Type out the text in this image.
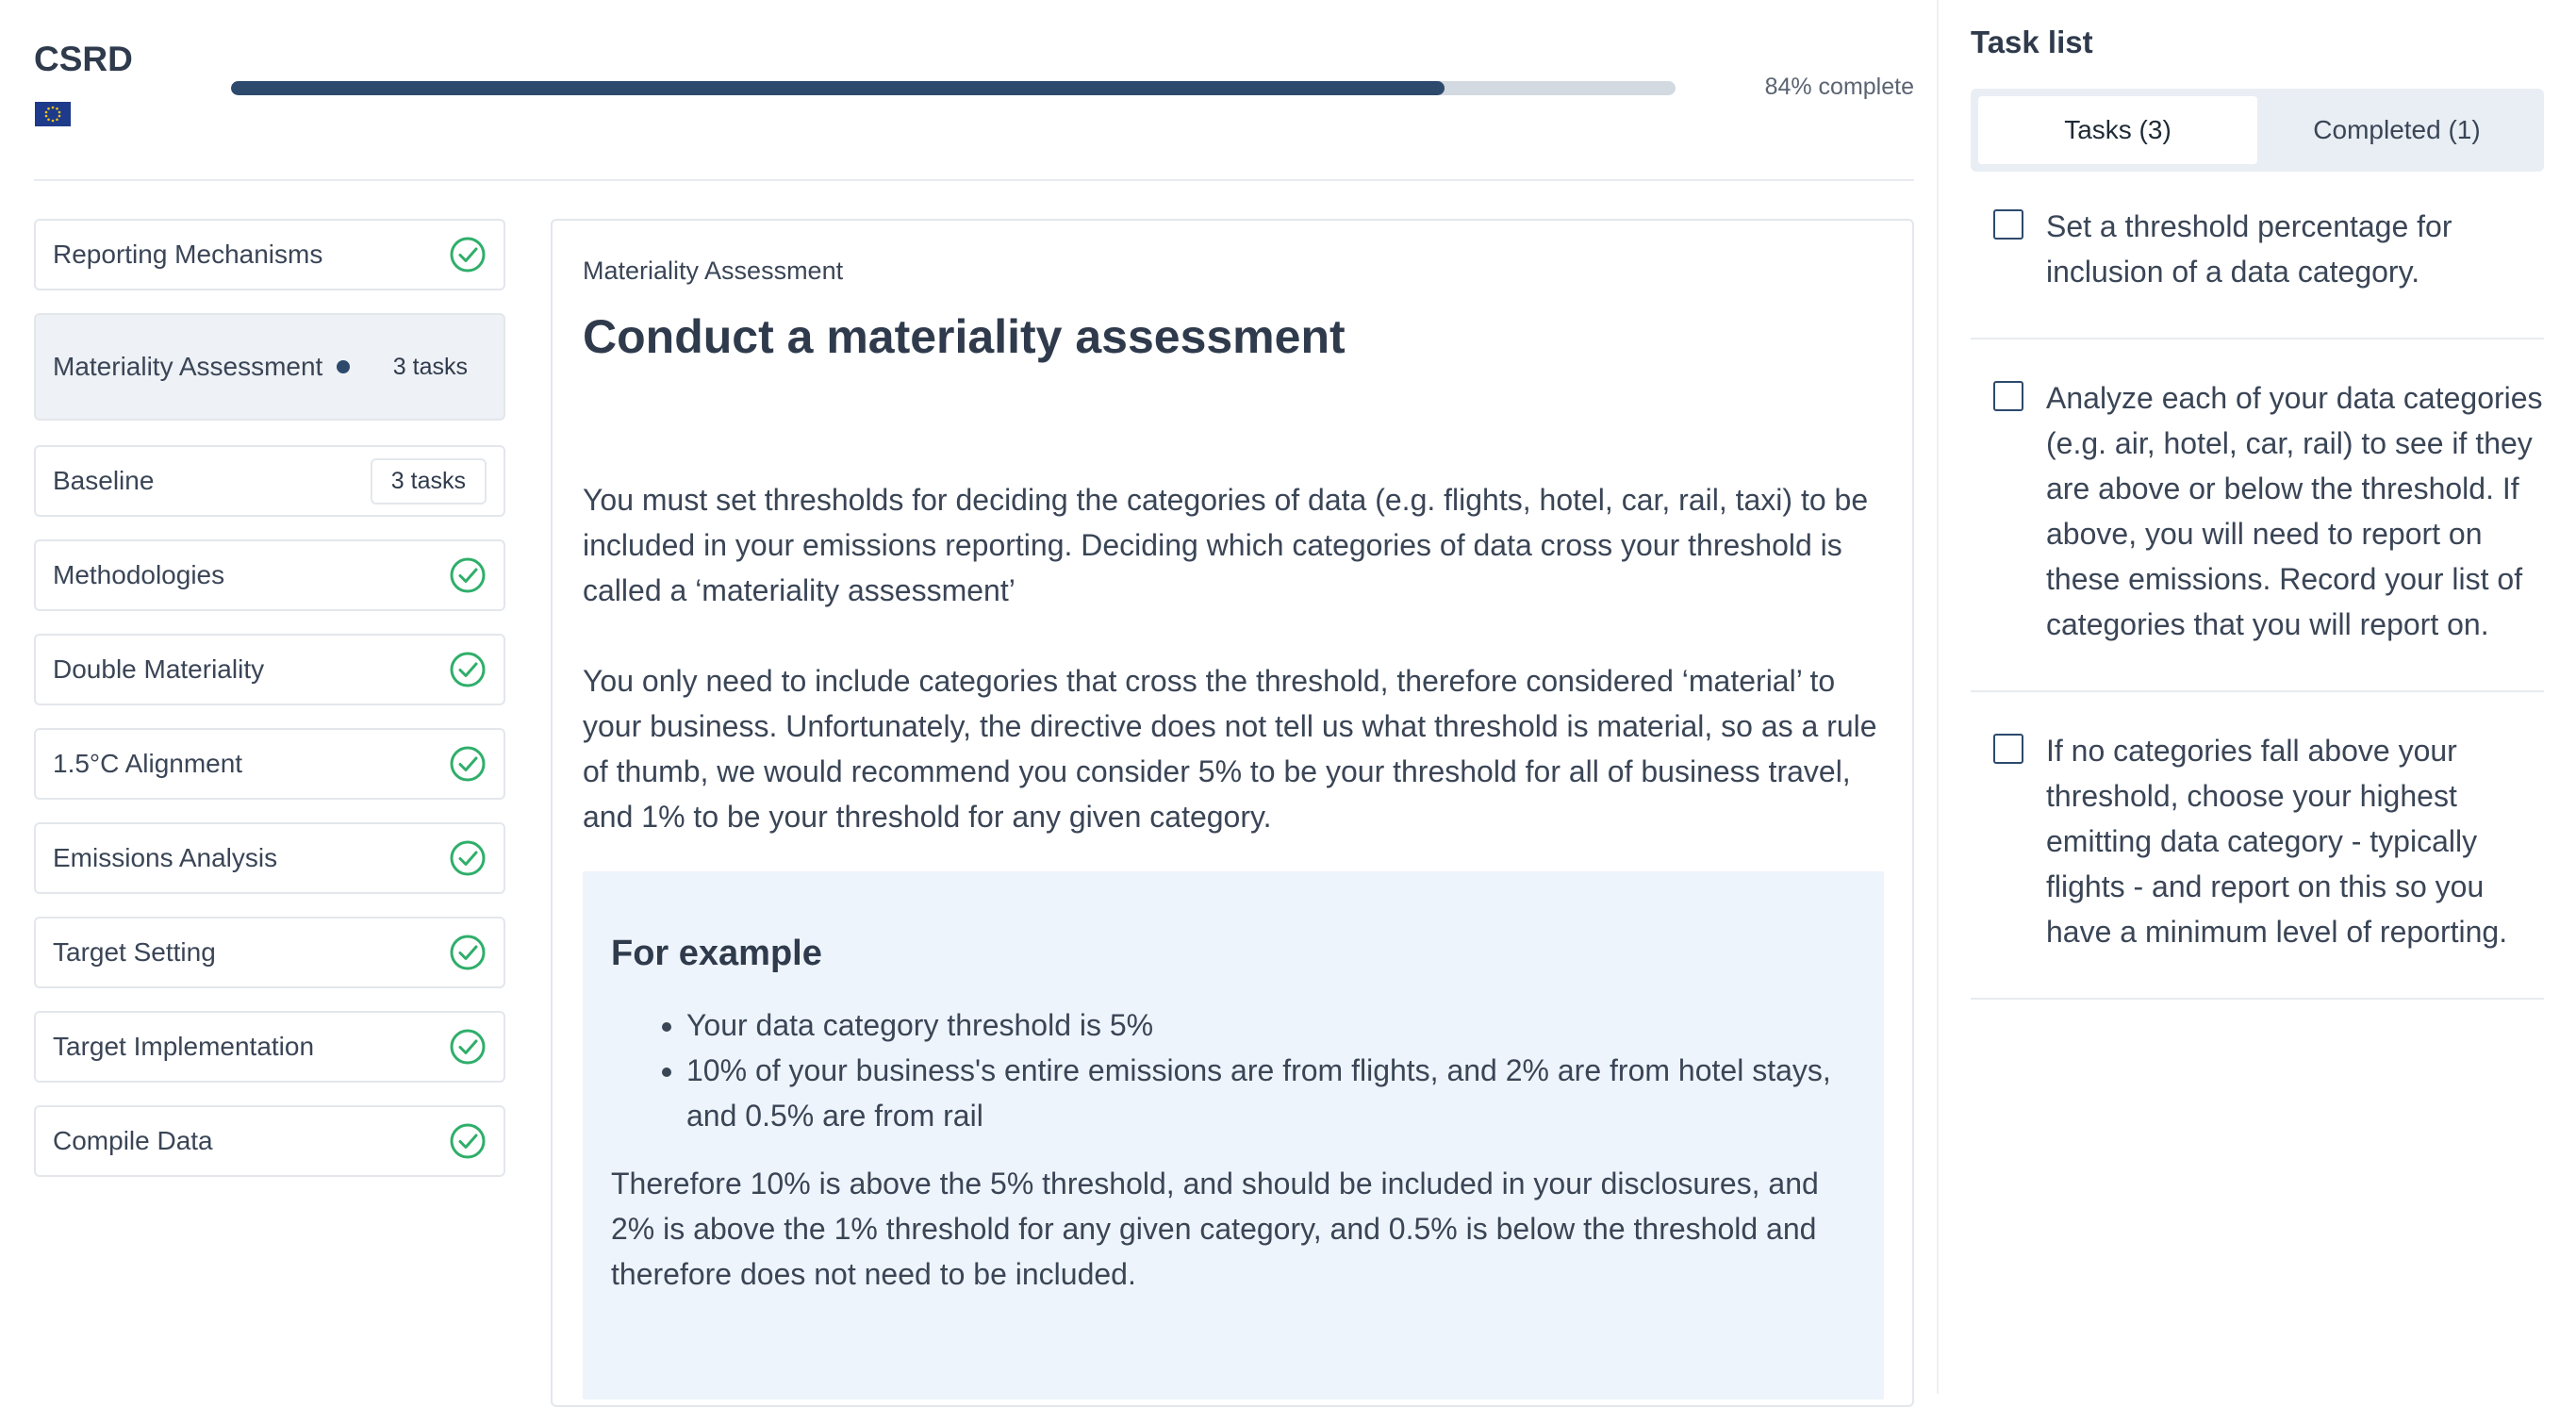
CSRD
84% complete
Reporting Mechanisms
Materiality Assessment	3 tasks
Baseline	3 tasks
Methodologies
Double Materiality
1.5°C Alignment
Emissions Analysis
Target Setting
Target Implementation
Compile Data
Materiality Assessment
Conduct a materiality assessment
You must set thresholds for deciding the categories of data (e.g. flights, hotel, car, rail, taxi) to be included in your emissions reporting. Deciding which categories of data cross your threshold is called a ‘materiality assessment’
You only need to include categories that cross the threshold, therefore considered ‘material’ to your business. Unfortunately, the directive does not tell us what threshold is material, so as a rule of thumb, we would recommend you consider 5% to be your threshold for all of business travel, and 1% to be your threshold for any given category.
For example
• Your data category threshold is 5%
• 10% of your business's entire emissions are from flights, and 2% are from hotel stays, and 0.5% are from rail
Therefore 10% is above the 5% threshold, and should be included in your disclosures, and 2% is above the 1% threshold for any given category, and 0.5% is below the threshold and therefore does not need to be included.
Task list
Tasks (3)	Completed (1)
Set a threshold percentage for inclusion of a data category.
Analyze each of your data categories (e.g. air, hotel, car, rail) to see if they are above or below the threshold. If above, you will need to report on these emissions. Record your list of categories that you will report on.
If no categories fall above your threshold, choose your highest emitting data category - typically flights - and report on this so you have a minimum level of reporting.
